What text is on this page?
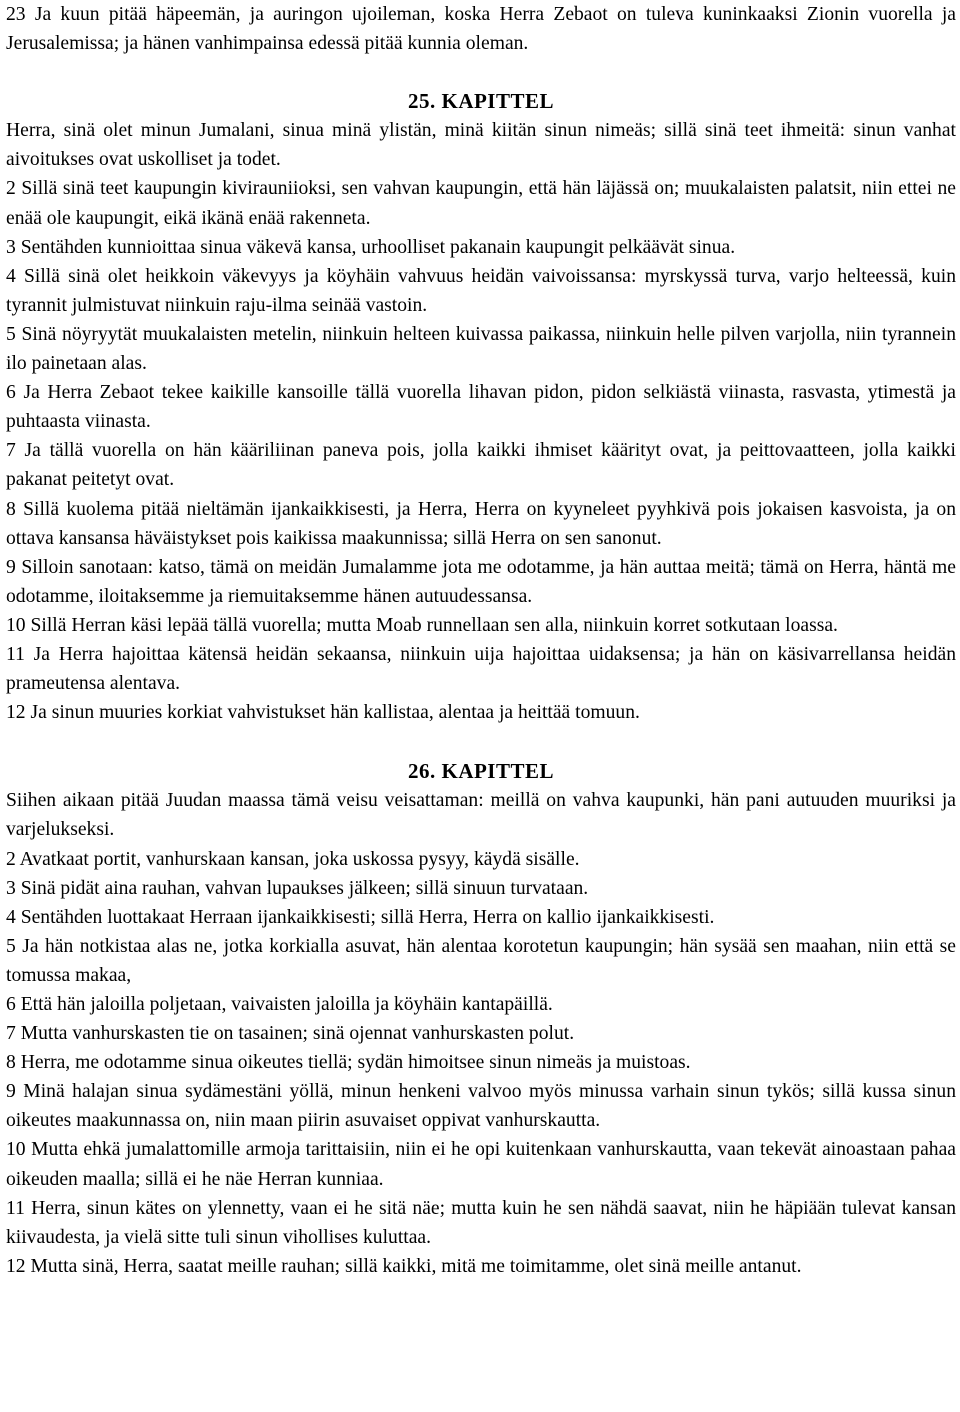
23 Ja kuun pitää häpeemän, ja auringon ujoileman, koska Herra Zebaot on tuleva kuninkaaksi Zionin vuorella ja Jerusalemissa; ja hänen vanhimpainsa edessä pitää kunnia oleman.

25. KAPITTEL

Herra, sinä olet minun Jumalani, sinua minä ylistän, minä kiitän sinun nimeäs; sillä sinä teet ihmeitä: sinun vanhat aivoitukses ovat uskolliset ja todet.

2 Sillä sinä teet kaupungin kivirauniioksi, sen vahvan kaupungin, että hän läjässä on; muukalaisten palatsit, niin ettei ne enää ole kaupungit, eikä ikänä enää rakenneta.

3 Sentähden kunnioittaa sinua väkevä kansa, urhoolliset pakanain kaupungit pelkäävät sinua.

4 Sillä sinä olet heikkoin väkevyys ja köyhäin vahvuus heidän vaivoissansa: myrskyssä turva, varjo helteessä, kuin tyrannit julmistuvat niinkuin raju-ilma seinää vastoin.

5 Sinä nöyryytät muukalaisten metelin, niinkuin helteen kuivassa paikassa, niinkuin helle pilven varjolla, niin tyrannein ilo painetaan alas.

6 Ja Herra Zebaot tekee kaikille kansoille tällä vuorella lihavan pidon, pidon selkiästä viinasta, rasvasta, ytimestä ja puhtaasta viinasta.

7 Ja tällä vuorella on hän kääriliinan paneva pois, jolla kaikki ihmiset käärityt ovat, ja peittovaatteen, jolla kaikki pakanat peitetyt ovat.

8 Sillä kuolema pitää nieltämän ijankaikkisesti, ja Herra, Herra on kyyneleet pyyhkivä pois jokaisen kasvoista, ja on ottava kansansa häväistykset pois kaikissa maakunnissa; sillä Herra on sen sanonut.

9 Silloin sanotaan: katso, tämä on meidän Jumalamme jota me odotamme, ja hän auttaa meitä; tämä on Herra, häntä me odotamme, iloitaksemme ja riemuitaksemme hänen autuudessansa.

10 Sillä Herran käsi lepää tällä vuorella; mutta Moab runnellaan sen alla, niinkuin korret sotkutaan loassa.

11 Ja Herra hajoittaa kätensä heidän sekaansa, niinkuin uija hajoittaa uidaksensa; ja hän on käsivarrellansa heidän prameutensa alentava.

12 Ja sinun muuries korkiat vahvistukset hän kallistaa, alentaa ja heittää tomuun.

26. KAPITTEL

Siihen aikaan pitää Juudan maassa tämä veisu veisattaman: meillä on vahva kaupunki, hän pani autuuden muuriksi ja varjelukseksi.

2 Avatkaat portit, vanhurskaan kansan, joka uskossa pysyy, käydä sisälle.

3 Sinä pidät aina rauhan, vahvan lupaukses jälkeen; sillä sinuun turvataan.

4 Sentähden luottakaat Herraan ijankaikkisesti; sillä Herra, Herra on kallio ijankaikkisesti.

5 Ja hän notkistaa alas ne, jotka korkialla asuvat, hän alentaa korotetun kaupungin; hän sysää sen maahan, niin että se tomussa makaa,

6 Että hän jaloilla poljetaan, vaivaisten jaloilla ja köyhäin kantapäillä.

7 Mutta vanhurskasten tie on tasainen; sinä ojennat vanhurskasten polut.

8 Herra, me odotamme sinua oikeutes tiellä; sydän himoitsee sinun nimeäs ja muistoas.

9 Minä halajan sinua sydämestäni yöllä, minun henkeni valvoo myös minussa varhain sinun tykös; sillä kussa sinun oikeutes maakunnassa on, niin maan piirin asuvaiset oppivat vanhurskautta.

10 Mutta ehkä jumalattomille armoja tarittaisiin, niin ei he opi kuitenkaan vanhurskautta, vaan tekevät ainoastaan pahaa oikeuden maalla; sillä ei he näe Herran kunniaa.

11 Herra, sinun kätes on ylennetty, vaan ei he sitä näe; mutta kuin he sen nähdä saavat, niin he häpiään tulevat kansan kiivaudesta, ja vielä sitte tuli sinun vihollises kuluttaa.

12 Mutta sinä, Herra, saatat meille rauhan; sillä kaikki, mitä me toimitamme, olet sinä meille antanut.
